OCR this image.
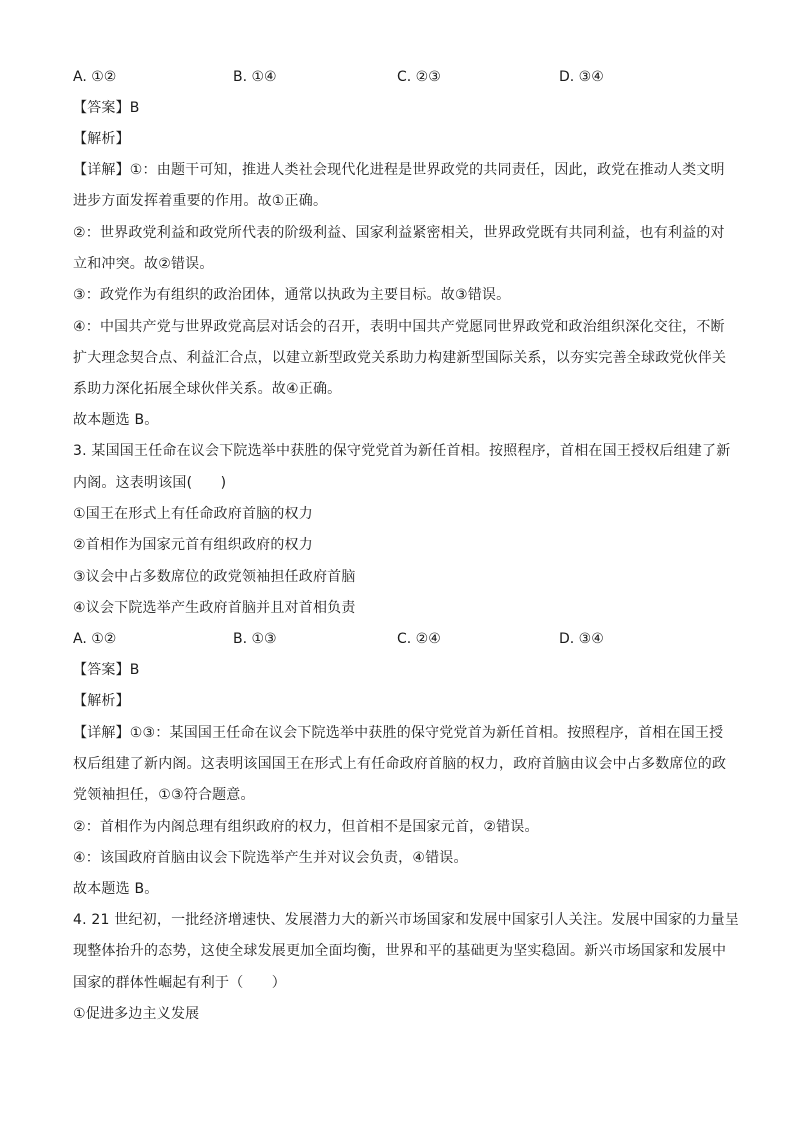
A. ①②	B. ①④	C. ②③	D. ③④
【答案】B
【解析】
【详解】①：由题干可知，推进人类社会现代化进程是世界政党的共同责任，因此，政党在推动人类文明
进步方面发挥着重要的作用。故①正确。
②：世界政党利益和政党所代表的阶级利益、国家利益紧密相关，世界政党既有共同利益，也有利益的对
立和冲突。故②错误。
③：政党作为有组织的政治团体，通常以执政为主要目标。故③错误。
④：中国共产党与世界政党高层对话会的召开，表明中国共产党愿同世界政党和政治组织深化交往，不断
扩大理念契合点、利益汇合点，以建立新型政党关系助力构建新型国际关系，以夯实完善全球政党伙伴关
系助力深化拓展全球伙伴关系。故④正确。
故本题选 B。
3. 某国国王任命在议会下院选举中获胜的保守党党首为新任首相。按照程序，首相在国王授权后组建了新
内阁。这表明该国(　　)
①国王在形式上有任命政府首脑的权力
②首相作为国家元首有组织政府的权力
③议会中占多数席位的政党领袖担任政府首脑
④议会下院选举产生政府首脑并且对首相负责
A. ①②	B. ①③	C. ②④	D. ③④
【答案】B
【解析】
【详解】①③：某国国王任命在议会下院选举中获胜的保守党党首为新任首相。按照程序，首相在国王授
权后组建了新内阁。这表明该国国王在形式上有任命政府首脑的权力，政府首脑由议会中占多数席位的政
党领袖担任，①③符合题意。
②：首相作为内阁总理有组织政府的权力，但首相不是国家元首，②错误。
④：该国政府首脑由议会下院选举产生并对议会负责，④错误。
故本题选 B。
4. 21 世纪初，一批经济增速快、发展潜力大的新兴市场国家和发展中国家引人关注。发展中国家的力量呈
现整体抬升的态势，这使全球发展更加全面均衡，世界和平的基础更为坚实稳固。新兴市场国家和发展中
国家的群体性崛起有利于（　　）
①促进多边主义发展
